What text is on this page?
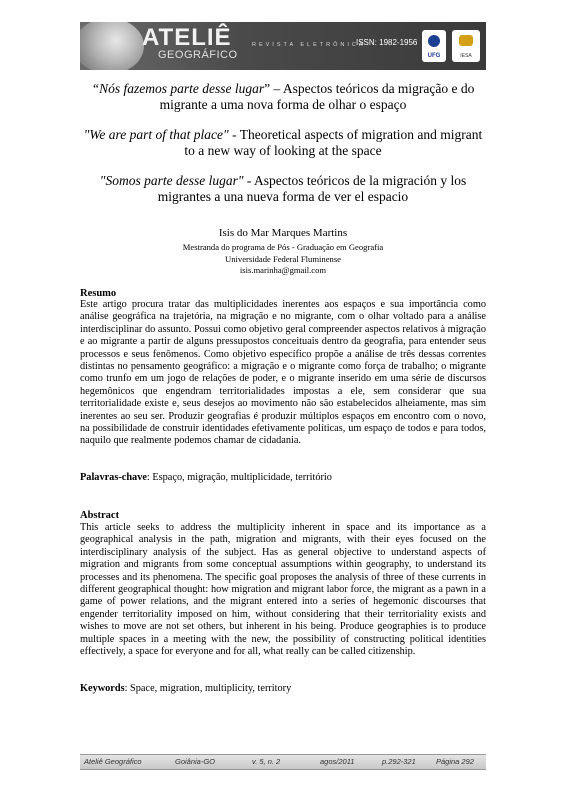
ATELIÊ
GEOGRÁFICO
REVISTA ELETRÔNICA
ISSN: 1982-1956
UFG	IESA
“Nós fazemos parte desse lugar” – Aspectos teóricos da migração e do
migrante a uma nova forma de olhar o espaço
"We are part of that place" - Theoretical aspects of migration and migrant
to a new way of looking at the space
"Somos parte desse lugar" - Aspectos teóricos de la migración y los
migrantes a una nueva forma de ver el espacio
Isis do Mar Marques Martins
Mestranda do programa de Pós - Graduação em Geografia
Universidade Federal Fluminense
isis.marinha@gmail.com
Resumo
Este artigo procura tratar das multiplicidades inerentes aos espaços e sua importância como análise geográfica na trajetória, na migração e no migrante, com o olhar voltado para a análise interdisciplinar do assunto. Possui como objetivo geral compreender aspectos relativos à migração e ao migrante a partir de alguns pressupostos conceituais dentro da geografia, para entender seus processos e seus fenômenos. Como objetivo específico propõe a análise de três dessas correntes distintas no pensamento geográfico: a migração e o migrante como força de trabalho; o migrante como trunfo em um jogo de relações de poder, e o migrante inserido em uma série de discursos hegemônicos que engendram territorialidades impostas a ele, sem considerar que sua territorialidade existe e, seus desejos ao movimento não são estabelecidos alheiamente, mas sim inerentes ao seu ser. Produzir geografias é produzir múltiplos espaços em encontro com o novo, na possibilidade de construir identidades efetivamente políticas, um espaço de todos e para todos, naquilo que realmente podemos chamar de cidadania.
Palavras-chave: Espaço, migração, multiplicidade, território
Abstract
This article seeks to address the multiplicity inherent in space and its importance as a geographical analysis in the path, migration and migrants, with their eyes focused on the interdisciplinary analysis of the subject. Has as general objective to understand aspects of migration and migrants from some conceptual assumptions within geography, to understand its processes and its phenomena. The specific goal proposes the analysis of three of these currents in different geographical thought: how migration and migrant labor force, the migrant as a pawn in a game of power relations, and the migrant entered into a series of hegemonic discourses that engender territoriality imposed on him, without considering that their territoriality exists and wishes to move are not set others, but inherent in his being. Produce geographies is to produce multiple spaces in a meeting with the new, the possibility of constructing political identities effectively, a space for everyone and for all, what really can be called citizenship.
Keywords: Space, migration, multiplicity, territory
Ateliê Geográfico	Goiânia-GO	v. 5, n. 2	agos/2011	p.292-321	Página 292
